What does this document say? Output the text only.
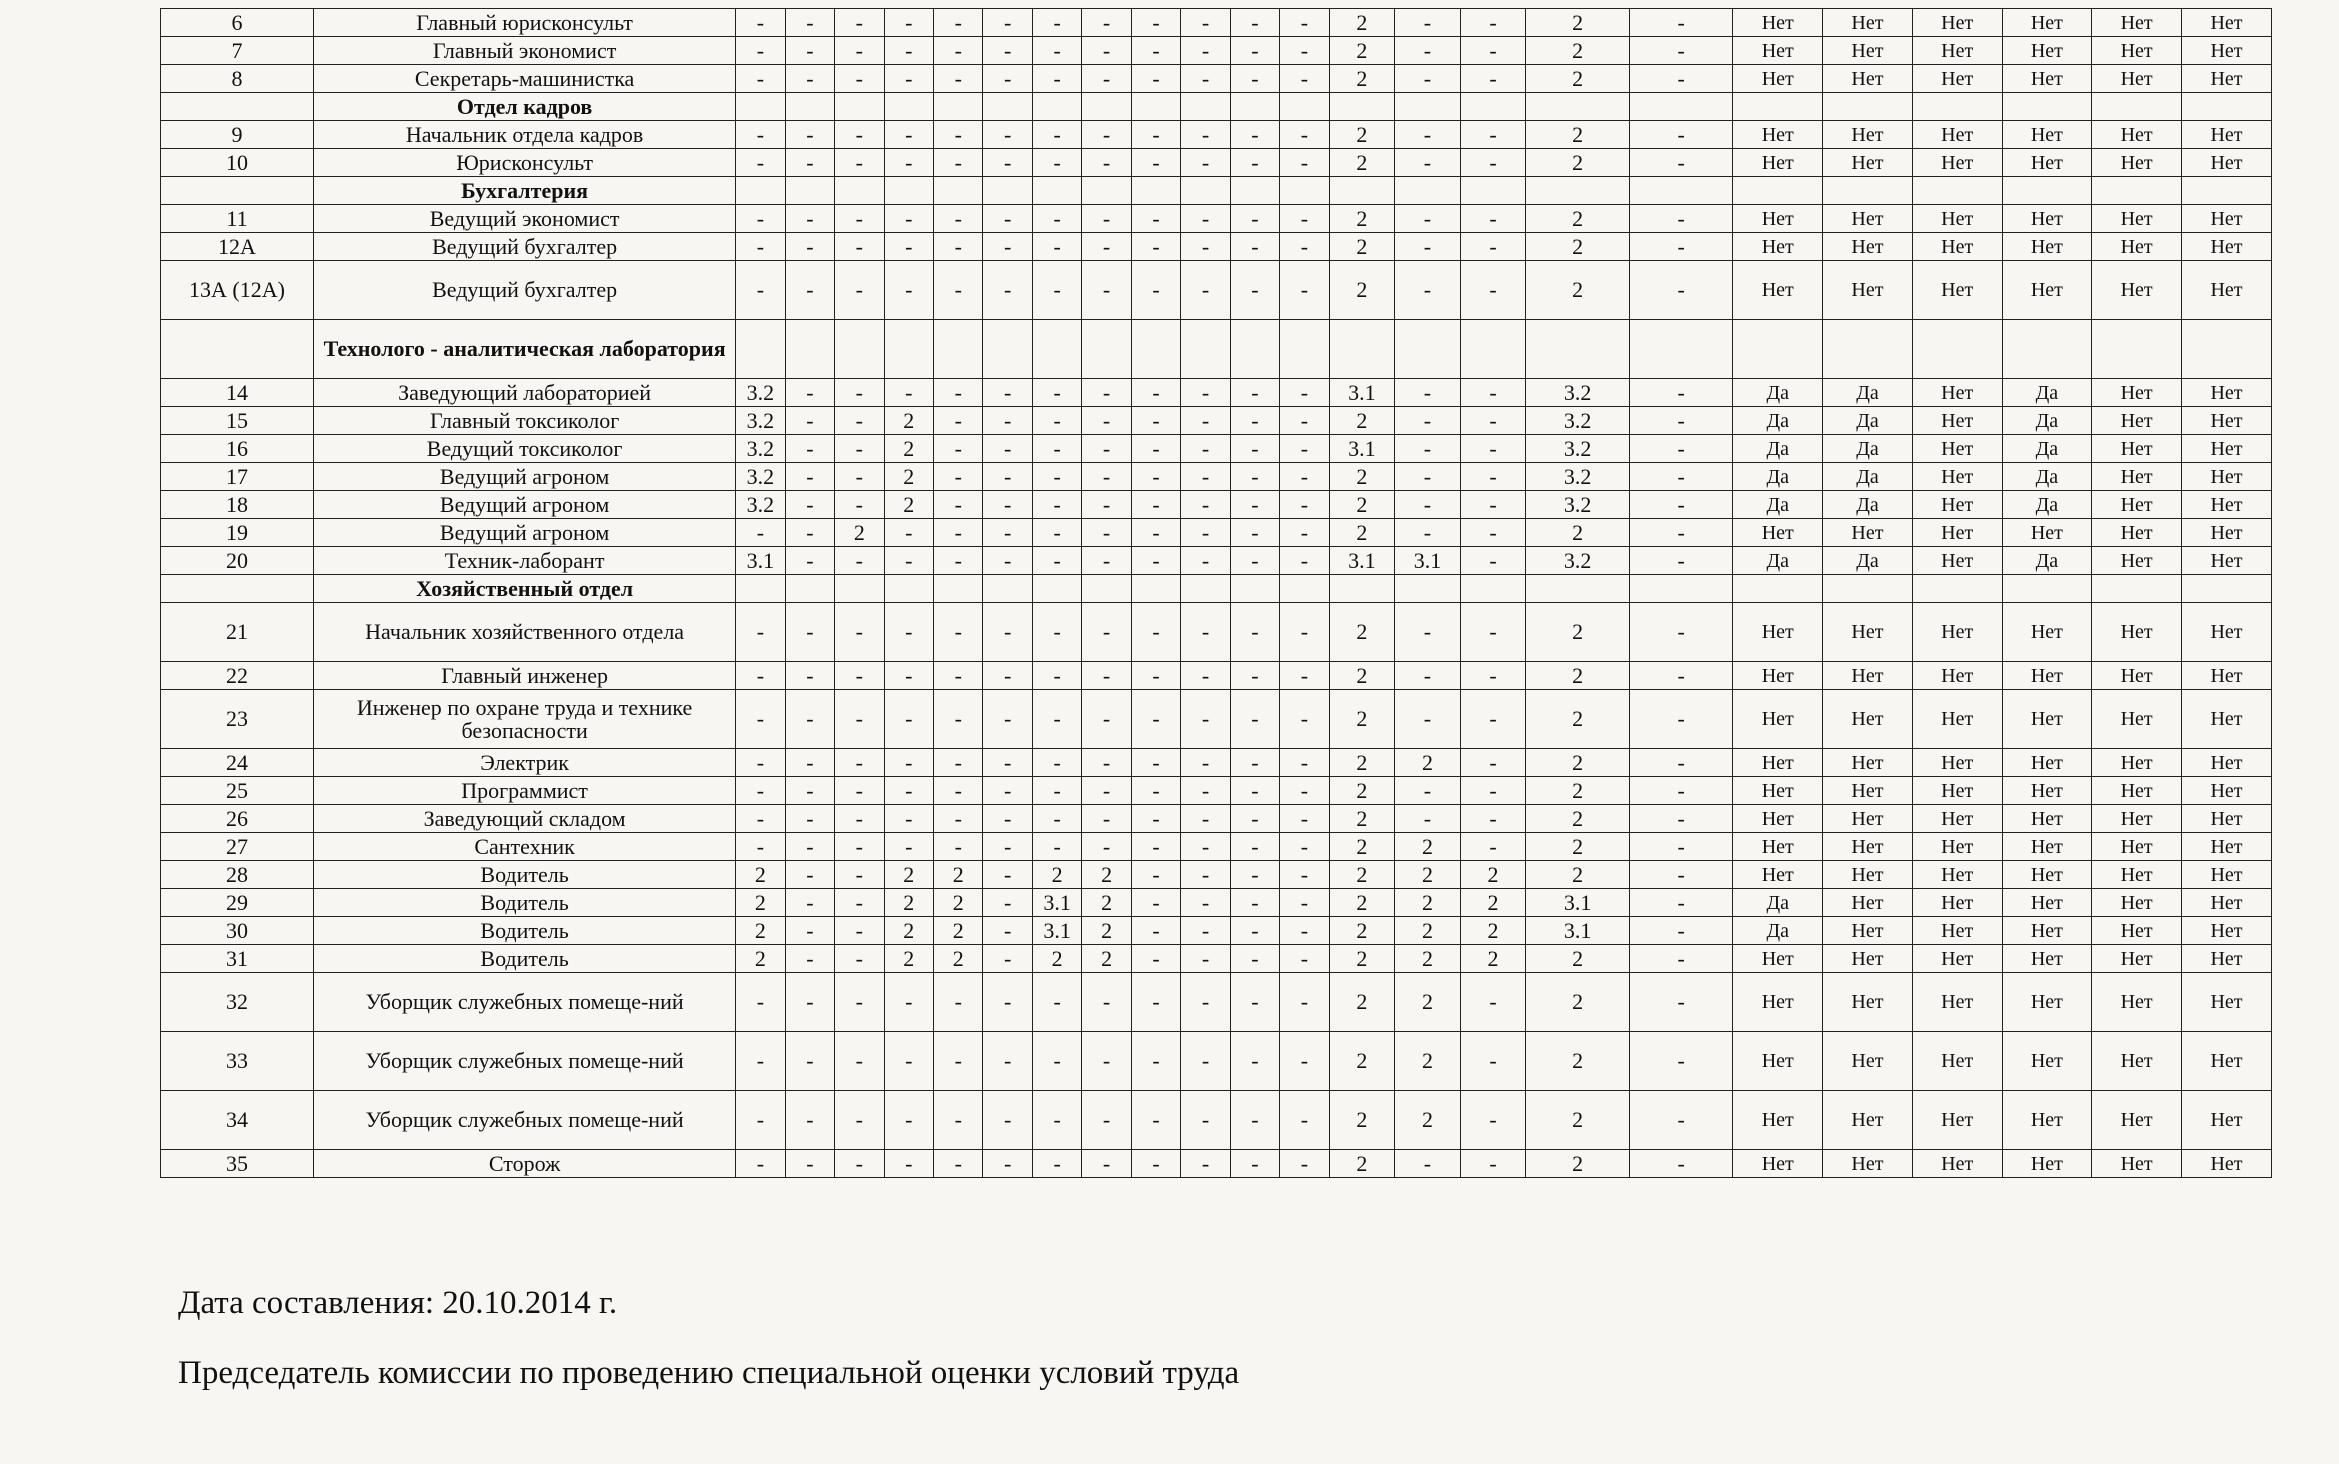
6	Главный юрисконсульт	-	-	-	-	-	-	-	-	-	-	-	-	2	-	-	2	-	Нет	Нет	Нет	Нет	Нет	Нет
7	Главный экономист	-	-	-	-	-	-	-	-	-	-	-	-	2	-	-	2	-	Нет	Нет	Нет	Нет	Нет	Нет
8	Секретарь-машинистка	-	-	-	-	-	-	-	-	-	-	-	-	2	-	-	2	-	Нет	Нет	Нет	Нет	Нет	Нет
	Отдел кадров																							
9	Начальник отдела кадров	-	-	-	-	-	-	-	-	-	-	-	-	2	-	-	2	-	Нет	Нет	Нет	Нет	Нет	Нет
10	Юрисконсульт	-	-	-	-	-	-	-	-	-	-	-	-	2	-	-	2	-	Нет	Нет	Нет	Нет	Нет	Нет
	Бухгалтерия																							
11	Ведущий экономист	-	-	-	-	-	-	-	-	-	-	-	-	2	-	-	2	-	Нет	Нет	Нет	Нет	Нет	Нет
12А	Ведущий бухгалтер	-	-	-	-	-	-	-	-	-	-	-	-	2	-	-	2	-	Нет	Нет	Нет	Нет	Нет	Нет
13А (12А)	Ведущий бухгалтер	-	-	-	-	-	-	-	-	-	-	-	-	2	-	-	2	-	Нет	Нет	Нет	Нет	Нет	Нет
	Технолого - аналитическая лаборатория																							
14	Заведующий лабораторией	3.2	-	-	-	-	-	-	-	-	-	-	-	3.1	-	-	3.2	-	Да	Да	Нет	Да	Нет	Нет
15	Главный токсиколог	3.2	-	-	2	-	-	-	-	-	-	-	-	2	-	-	3.2	-	Да	Да	Нет	Да	Нет	Нет
16	Ведущий токсиколог	3.2	-	-	2	-	-	-	-	-	-	-	-	3.1	-	-	3.2	-	Да	Да	Нет	Да	Нет	Нет
17	Ведущий агроном	3.2	-	-	2	-	-	-	-	-	-	-	-	2	-	-	3.2	-	Да	Да	Нет	Да	Нет	Нет
18	Ведущий агроном	3.2	-	-	2	-	-	-	-	-	-	-	-	2	-	-	3.2	-	Да	Да	Нет	Да	Нет	Нет
19	Ведущий агроном	-	-	2	-	-	-	-	-	-	-	-	-	2	-	-	2	-	Нет	Нет	Нет	Нет	Нет	Нет
20	Техник-лаборант	3.1	-	-	-	-	-	-	-	-	-	-	-	3.1	3.1	-	3.2	-	Да	Да	Нет	Да	Нет	Нет
	Хозяйственный отдел																							
21	Начальник хозяйственного отдела	-	-	-	-	-	-	-	-	-	-	-	-	2	-	-	2	-	Нет	Нет	Нет	Нет	Нет	Нет
22	Главный инженер	-	-	-	-	-	-	-	-	-	-	-	-	2	-	-	2	-	Нет	Нет	Нет	Нет	Нет	Нет
23	Инженер по охране труда и технике безопасности	-	-	-	-	-	-	-	-	-	-	-	-	2	-	-	2	-	Нет	Нет	Нет	Нет	Нет	Нет
24	Электрик	-	-	-	-	-	-	-	-	-	-	-	-	2	2	-	2	-	Нет	Нет	Нет	Нет	Нет	Нет
25	Программист	-	-	-	-	-	-	-	-	-	-	-	-	2	-	-	2	-	Нет	Нет	Нет	Нет	Нет	Нет
26	Заведующий складом	-	-	-	-	-	-	-	-	-	-	-	-	2	-	-	2	-	Нет	Нет	Нет	Нет	Нет	Нет
27	Сантехник	-	-	-	-	-	-	-	-	-	-	-	-	2	2	-	2	-	Нет	Нет	Нет	Нет	Нет	Нет
28	Водитель	2	-	-	2	2	-	2	2	-	-	-	-	2	2	2	2	-	Нет	Нет	Нет	Нет	Нет	Нет
29	Водитель	2	-	-	2	2	-	3.1	2	-	-	-	-	2	2	2	3.1	-	Да	Нет	Нет	Нет	Нет	Нет
30	Водитель	2	-	-	2	2	-	3.1	2	-	-	-	-	2	2	2	3.1	-	Да	Нет	Нет	Нет	Нет	Нет
31	Водитель	2	-	-	2	2	-	2	2	-	-	-	-	2	2	2	2	-	Нет	Нет	Нет	Нет	Нет	Нет
32	Уборщик служебных помеще-ний	-	-	-	-	-	-	-	-	-	-	-	-	2	2	-	2	-	Нет	Нет	Нет	Нет	Нет	Нет
33	Уборщик служебных помеще-ний	-	-	-	-	-	-	-	-	-	-	-	-	2	2	-	2	-	Нет	Нет	Нет	Нет	Нет	Нет
34	Уборщик служебных помеще-ний	-	-	-	-	-	-	-	-	-	-	-	-	2	2	-	2	-	Нет	Нет	Нет	Нет	Нет	Нет
35	Сторож	-	-	-	-	-	-	-	-	-	-	-	-	2	-	-	2	-	Нет	Нет	Нет	Нет	Нет	Нет
Дата составления: 20.10.2014 г.
Председатель комиссии по проведению специальной оценки условий труда
